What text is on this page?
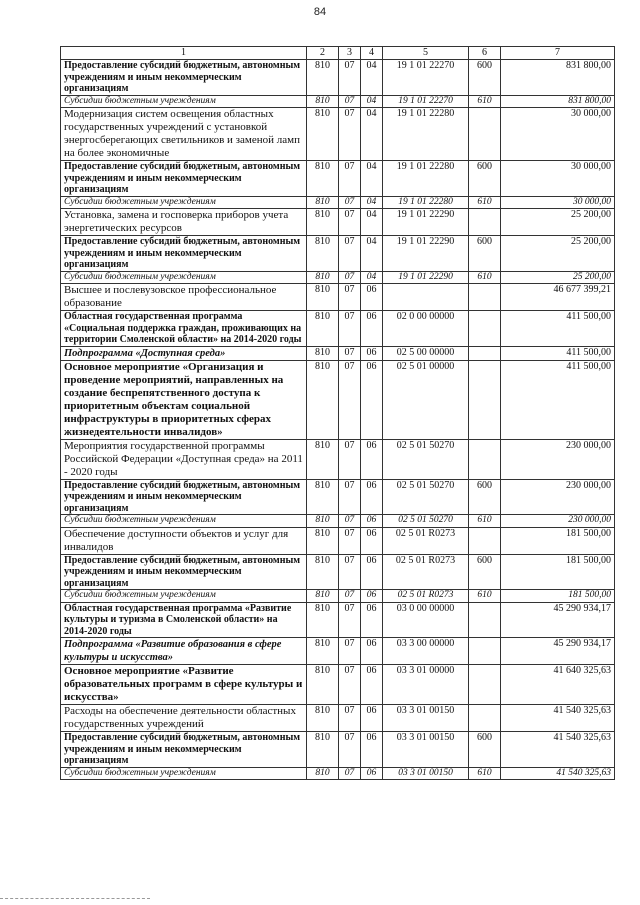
84
1	2	3	4	5	6	7
Предоставление субсидий бюджетным, автономным учреждениям и иным некоммерческим организациям	810	07	04	19 1 01 22270	600	831 800,00
Субсидии бюджетным учреждениям	810	07	04	19 1 01 22270	610	831 800,00
Модернизация систем освещения областных государственных учреждений с установкой энергосберегающих светильников и заменой ламп на более экономичные	810	07	04	19 1 01 22280		30 000,00
Предоставление субсидий бюджетным, автономным учреждениям и иным некоммерческим организациям	810	07	04	19 1 01 22280	600	30 000,00
Субсидии бюджетным учреждениям	810	07	04	19 1 01 22280	610	30 000,00
Установка, замена и госповерка приборов учета энергетических ресурсов	810	07	04	19 1 01 22290		25 200,00
Предоставление субсидий бюджетным, автономным учреждениям и иным некоммерческим организациям	810	07	04	19 1 01 22290	600	25 200,00
Субсидии бюджетным учреждениям	810	07	04	19 1 01 22290	610	25 200,00
Высшее и послевузовское профессиональное образование	810	07	06			46 677 399,21
Областная государственная программа «Социальная поддержка граждан, проживающих на территории Смоленской области» на 2014-2020 годы	810	07	06	02 0 00 00000		411 500,00
Подпрограмма «Доступная среда»	810	07	06	02 5 00 00000		411 500,00
Основное мероприятие «Организация и проведение мероприятий, направленных на создание беспрепятственного доступа к приоритетным объектам социальной инфраструктуры в приоритетных сферах жизнедеятельности инвалидов»	810	07	06	02 5 01 00000		411 500,00
Мероприятия государственной программы Российской Федерации «Доступная среда» на 2011 - 2020 годы	810	07	06	02 5 01 50270		230 000,00
Предоставление субсидий бюджетным, автономным учреждениям и иным некоммерческим организациям	810	07	06	02 5 01 50270	600	230 000,00
Субсидии бюджетным учреждениям	810	07	06	02 5 01 50270	610	230 000,00
Обеспечение доступности объектов и услуг для инвалидов	810	07	06	02 5 01 R0273		181 500,00
Предоставление субсидий бюджетным, автономным учреждениям и иным некоммерческим организациям	810	07	06	02 5 01 R0273	600	181 500,00
Субсидии бюджетным учреждениям	810	07	06	02 5 01 R0273	610	181 500,00
Областная государственная программа «Развитие культуры и туризма в Смоленской области» на 2014-2020 годы	810	07	06	03 0 00 00000		45 290 934,17
Подпрограмма «Развитие образования в сфере культуры и искусства»	810	07	06	03 3 00 00000		45 290 934,17
Основное мероприятие «Развитие образовательных программ в сфере культуры и искусства»	810	07	06	03 3 01 00000		41 640 325,63
Расходы на обеспечение деятельности областных государственных учреждений	810	07	06	03 3 01 00150		41 540 325,63
Предоставление субсидий бюджетным, автономным учреждениям и иным некоммерческим организациям	810	07	06	03 3 01 00150	600	41 540 325,63
Субсидии бюджетным учреждениям	810	07	06	03 3 01 00150	610	41 540 325,63
